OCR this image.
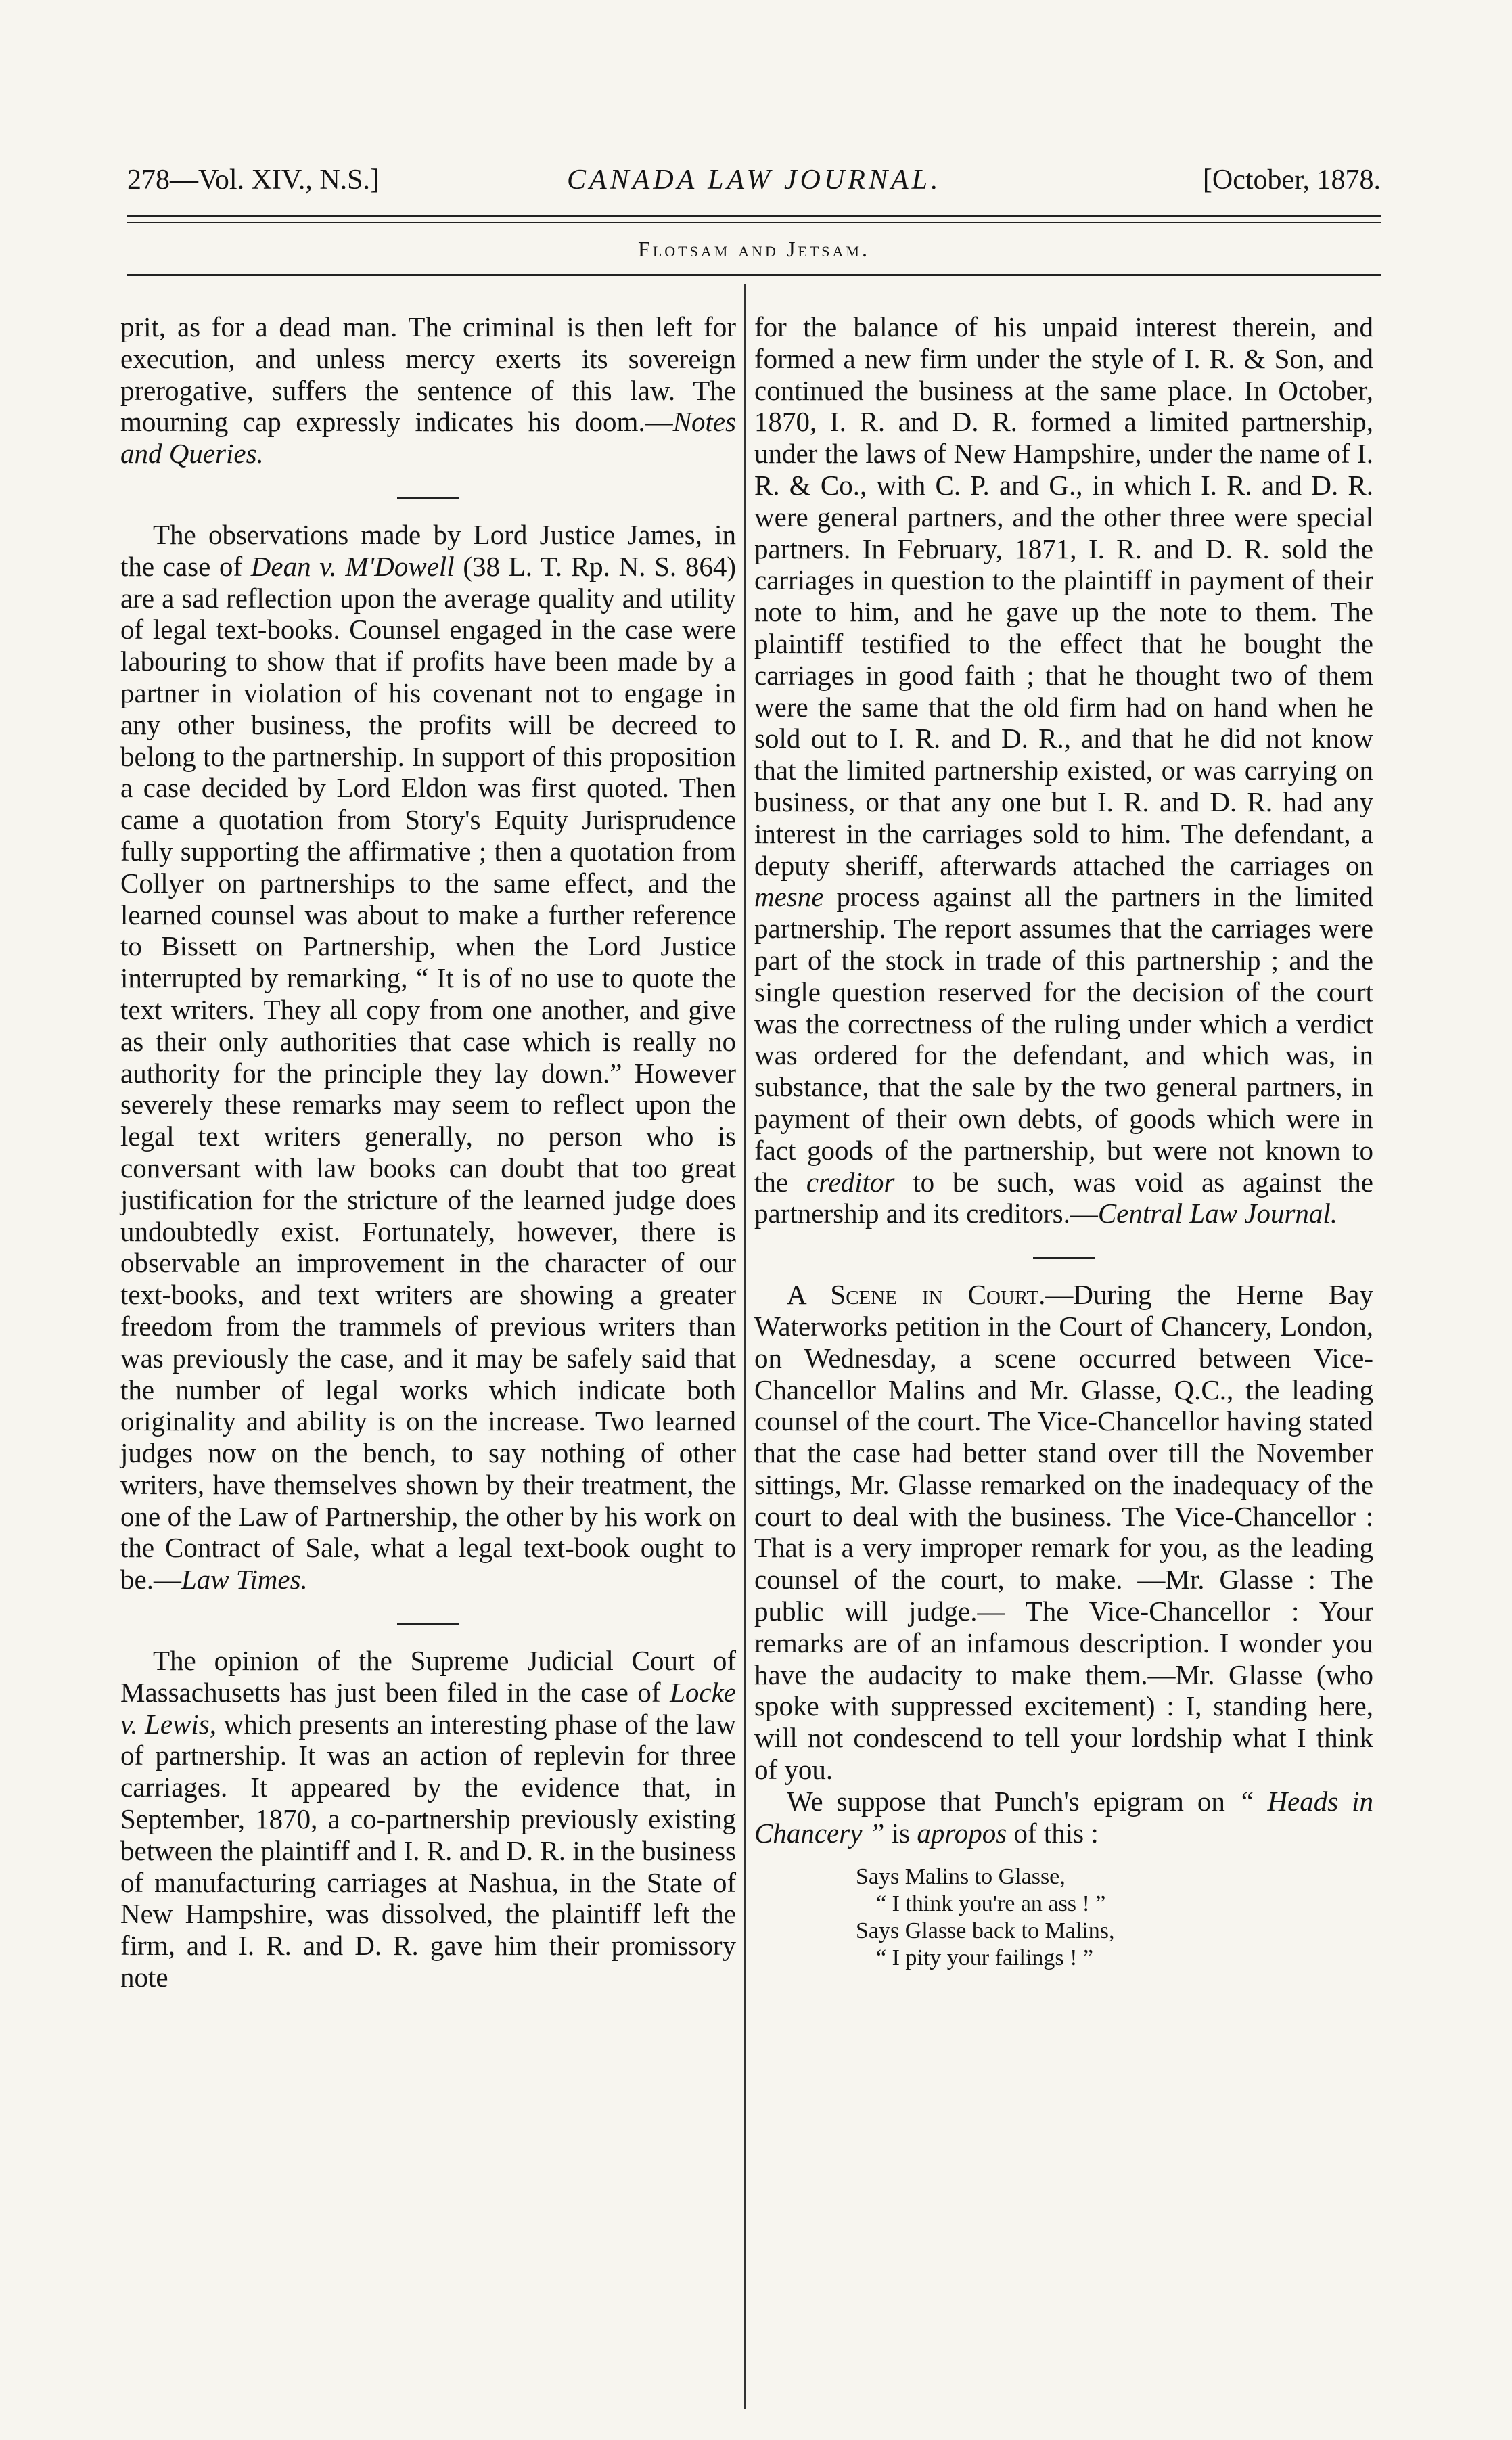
278—Vol. XIV., N.S.]	CANADA LAW JOURNAL.	[October, 1878.
Flotsam and Jetsam.

prit, as for a dead man. The criminal is then left for execution, and unless mercy exerts its sovereign prerogative, suffers the sentence of this law. The mourning cap expressly indicates his doom.—Notes and Queries.

The observations made by Lord Justice James, in the case of Dean v. M'Dowell (38 L. T. Rp. N. S. 864) are a sad reflection upon the average quality and utility of legal text-books. Counsel engaged in the case were labouring to show that if profits have been made by a partner in violation of his covenant not to engage in any other business, the profits will be decreed to belong to the partnership. In support of this proposition a case decided by Lord Eldon was first quoted. Then came a quotation from Story's Equity Jurisprudence fully supporting the affirmative ; then a quotation from Collyer on partnerships to the same effect, and the learned counsel was about to make a further reference to Bissett on Partnership, when the Lord Justice interrupted by remarking, “ It is of no use to quote the text writers. They all copy from one another, and give as their only authorities that case which is really no authority for the principle they lay down.” However severely these remarks may seem to reflect upon the legal text writers generally, no person who is conversant with law books can doubt that too great justification for the stricture of the learned judge does undoubtedly exist. Fortunately, however, there is observable an improvement in the character of our text-books, and text writers are showing a greater freedom from the trammels of previous writers than was previously the case, and it may be safely said that the number of legal works which indicate both originality and ability is on the increase. Two learned judges now on the bench, to say nothing of other writers, have themselves shown by their treatment, the one of the Law of Partnership, the other by his work on the Contract of Sale, what a legal text-book ought to be.—Law Times.

The opinion of the Supreme Judicial Court of Massachusetts has just been filed in the case of Locke v. Lewis, which presents an interesting phase of the law of partnership. It was an action of replevin for three carriages. It appeared by the evidence that, in September, 1870, a co-partnership previously existing between the plaintiff and I. R. and D. R. in the business of manufacturing carriages at Nashua, in the State of New Hampshire, was dissolved, the plaintiff left the firm, and I. R. and D. R. gave him their promissory note

for the balance of his unpaid interest therein, and formed a new firm under the style of I. R. & Son, and continued the business at the same place. In October, 1870, I. R. and D. R. formed a limited partnership, under the laws of New Hampshire, under the name of I. R. & Co., with C. P. and G., in which I. R. and D. R. were general partners, and the other three were special partners. In February, 1871, I. R. and D. R. sold the carriages in question to the plaintiff in payment of their note to him, and he gave up the note to them. The plaintiff testified to the effect that he bought the carriages in good faith ; that he thought two of them were the same that the old firm had on hand when he sold out to I. R. and D. R., and that he did not know that the limited partnership existed, or was carrying on business, or that any one but I. R. and D. R. had any interest in the carriages sold to him. The defendant, a deputy sheriff, afterwards attached the carriages on mesne process against all the partners in the limited partnership. The report assumes that the carriages were part of the stock in trade of this partnership ; and the single question reserved for the decision of the court was the correctness of the ruling under which a verdict was ordered for the defendant, and which was, in substance, that the sale by the two general partners, in payment of their own debts, of goods which were in fact goods of the partnership, but were not known to the creditor to be such, was void as against the partnership and its creditors.—Central Law Journal.

A Scene in Court.—During the Herne Bay Waterworks petition in the Court of Chancery, London, on Wednesday, a scene occurred between Vice-Chancellor Malins and Mr. Glasse, Q.C., the leading counsel of the court. The Vice-Chancellor having stated that the case had better stand over till the November sittings, Mr. Glasse remarked on the inadequacy of the court to deal with the business. The Vice-Chancellor : That is a very improper remark for you, as the leading counsel of the court, to make. —Mr. Glasse : The public will judge.— The Vice-Chancellor : Your remarks are of an infamous description. I wonder you have the audacity to make them.—Mr. Glasse (who spoke with suppressed excitement) : I, standing here, will not condescend to tell your lordship what I think of you.

We suppose that Punch's epigram on “ Heads in Chancery ” is apropos of this :

Says Malins to Glasse,
“ I think you're an ass ! ”
Says Glasse back to Malins,
“ I pity your failings ! ”
